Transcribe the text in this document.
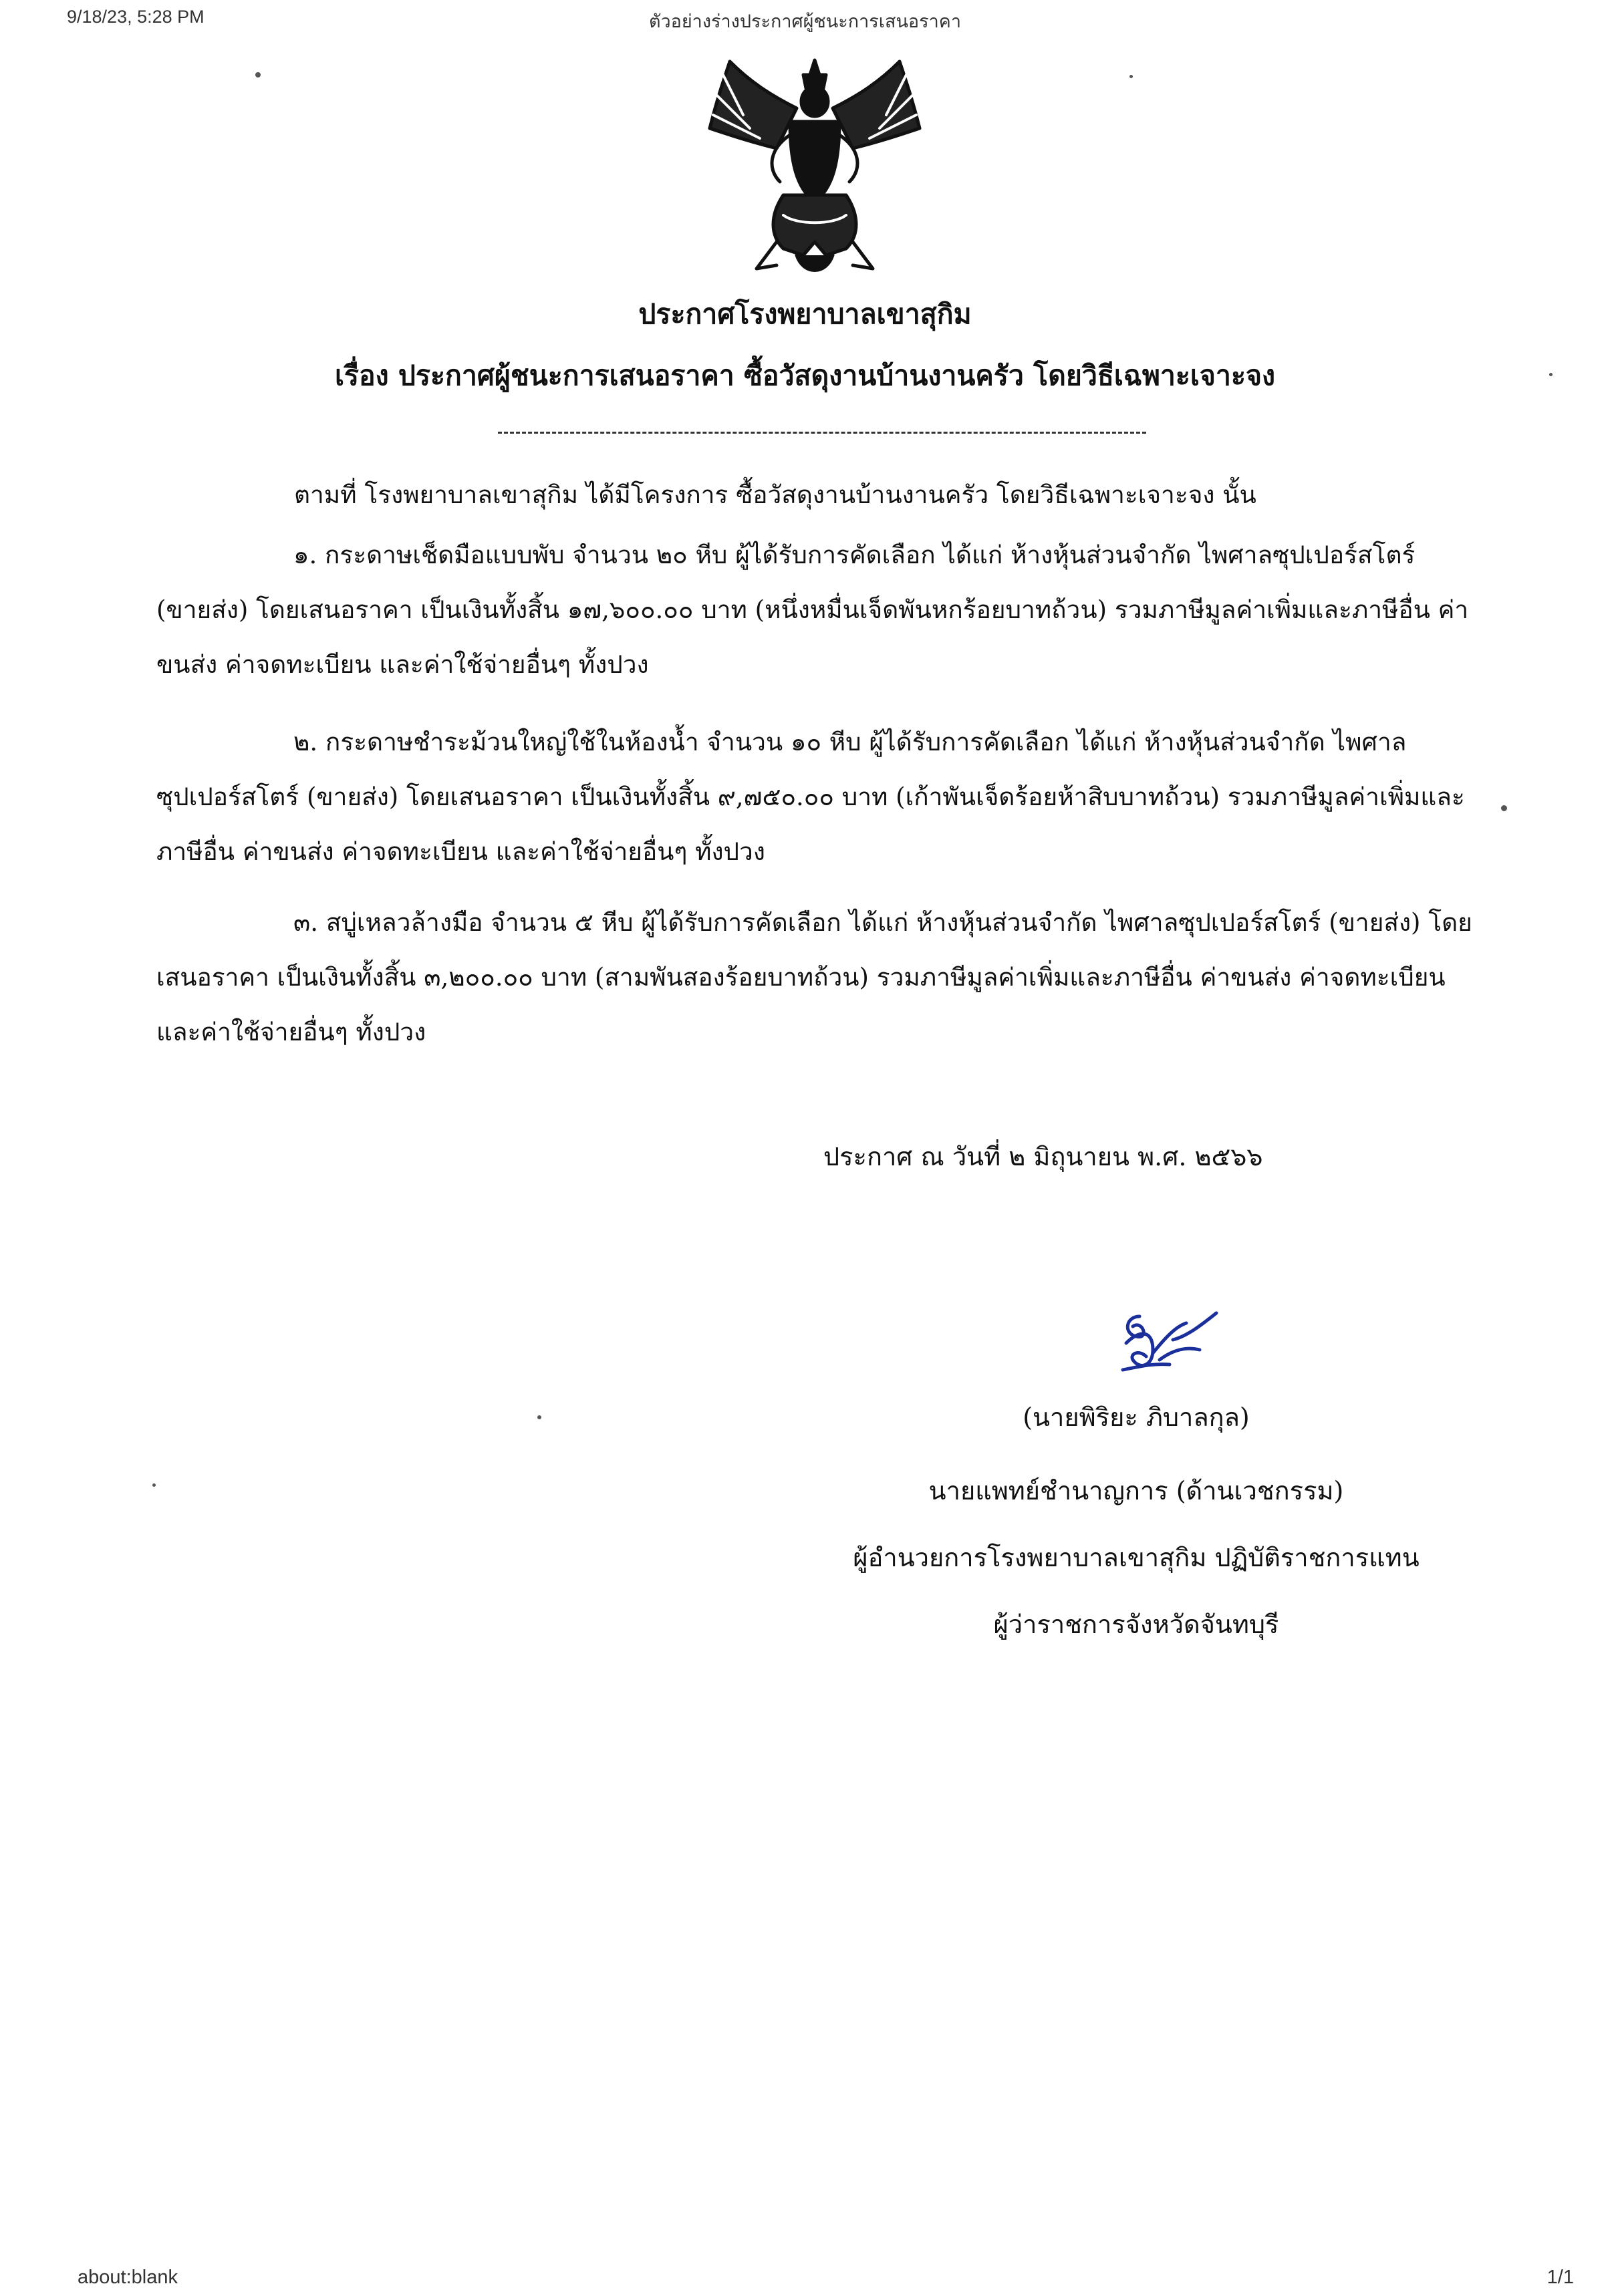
9/18/23, 5:28 PM	ตัวอย่างร่างประกาศผู้ชนะการเสนอราคา
ประกาศโรงพยาบาลเขาสุกิม
เรื่อง ประกาศผู้ชนะการเสนอราคา ซื้อวัสดุงานบ้านงานครัว โดยวิธีเฉพาะเจาะจง

ตามที่ โรงพยาบาลเขาสุกิม ได้มีโครงการ ซื้อวัสดุงานบ้านงานครัว โดยวิธีเฉพาะเจาะจง นั้น

๑. กระดาษเช็ดมือแบบพับ จำนวน ๒๐ หีบ ผู้ได้รับการคัดเลือก ได้แก่ ห้างหุ้นส่วนจำกัด ไพศาลซุปเปอร์สโตร์ (ขายส่ง) โดยเสนอราคา เป็นเงินทั้งสิ้น ๑๗,๖๐๐.๐๐ บาท (หนึ่งหมื่นเจ็ดพันหกร้อยบาทถ้วน) รวมภาษีมูลค่าเพิ่มและภาษีอื่น ค่าขนส่ง ค่าจดทะเบียน และค่าใช้จ่ายอื่นๆ ทั้งปวง

๒. กระดาษชำระม้วนใหญ่ใช้ในห้องน้ำ จำนวน ๑๐ หีบ ผู้ได้รับการคัดเลือก ได้แก่ ห้างหุ้นส่วนจำกัด ไพศาลซุปเปอร์สโตร์ (ขายส่ง) โดยเสนอราคา เป็นเงินทั้งสิ้น ๙,๗๕๐.๐๐ บาท (เก้าพันเจ็ดร้อยห้าสิบบาทถ้วน) รวมภาษีมูลค่าเพิ่มและภาษีอื่น ค่าขนส่ง ค่าจดทะเบียน และค่าใช้จ่ายอื่นๆ ทั้งปวง

๓. สบู่เหลวล้างมือ จำนวน ๕ หีบ ผู้ได้รับการคัดเลือก ได้แก่ ห้างหุ้นส่วนจำกัด ไพศาลซุปเปอร์สโตร์ (ขายส่ง) โดยเสนอราคา เป็นเงินทั้งสิ้น ๓,๒๐๐.๐๐ บาท (สามพันสองร้อยบาทถ้วน) รวมภาษีมูลค่าเพิ่มและภาษีอื่น ค่าขนส่ง ค่าจดทะเบียน และค่าใช้จ่ายอื่นๆ ทั้งปวง

ประกาศ ณ วันที่ ๒ มิถุนายน พ.ศ. ๒๕๖๖
(นายพิริยะ ภิบาลกุล)
นายแพทย์ชำนาญการ (ด้านเวชกรรม)
ผู้อำนวยการโรงพยาบาลเขาสุกิม ปฏิบัติราชการแทน
ผู้ว่าราชการจังหวัดจันทบุรี
about:blank	1/1
